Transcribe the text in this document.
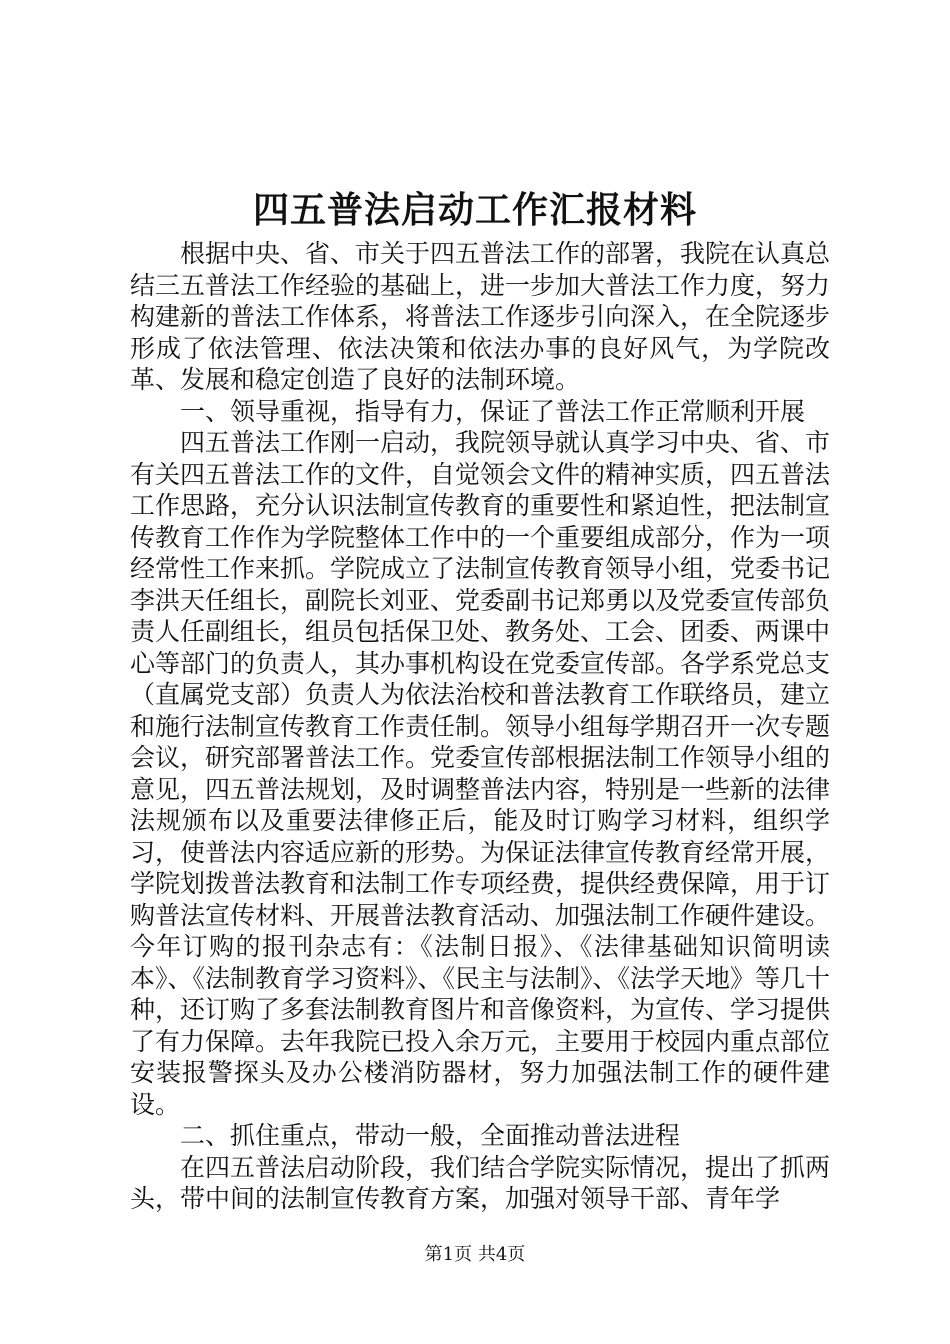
四五普法启动工作汇报材料

根据中央、省、市关于四五普法工作的部署，我院在认真总结三五普法工作经验的基础上，进一步加大普法工作力度，努力构建新的普法工作体系，将普法工作逐步引向深入，在全院逐步形成了依法管理、依法决策和依法办事的良好风气，为学院改革、发展和稳定创造了良好的法制环境。

一、领导重视，指导有力，保证了普法工作正常顺利开展

四五普法工作刚一启动，我院领导就认真学习中央、省、市有关四五普法工作的文件，自觉领会文件的精神实质，四五普法工作思路，充分认识法制宣传教育的重要性和紧迫性，把法制宣传教育工作作为学院整体工作中的一个重要组成部分，作为一项经常性工作来抓。学院成立了法制宣传教育领导小组，党委书记李洪天任组长，副院长刘亚、党委副书记郑勇以及党委宣传部负责人任副组长，组员包括保卫处、教务处、工会、团委、两课中心等部门的负责人，其办事机构设在党委宣传部。各学系党总支（直属党支部）负责人为依法治校和普法教育工作联络员，建立和施行法制宣传教育工作责任制。领导小组每学期召开一次专题会议，研究部署普法工作。党委宣传部根据法制工作领导小组的意见，四五普法规划，及时调整普法内容，特别是一些新的法律法规颁布以及重要法律修正后，能及时订购学习材料，组织学习，使普法内容适应新的形势。为保证法律宣传教育经常开展，学院划拨普法教育和法制工作专项经费，提供经费保障，用于订购普法宣传材料、开展普法教育活动、加强法制工作硬件建设。今年订购的报刊杂志有：《法制日报》、《法律基础知识简明读本》、《法制教育学习资料》、《民主与法制》、《法学天地》等几十种，还订购了多套法制教育图片和音像资料，为宣传、学习提供了有力保障。去年我院已投入余万元，主要用于校园内重点部位安装报警探头及办公楼消防器材，努力加强法制工作的硬件建设。

二、抓住重点，带动一般，全面推动普法进程

在四五普法启动阶段，我们结合学院实际情况，提出了抓两头，带中间的法制宣传教育方案，加强对领导干部、青年学

第1页 共4页
